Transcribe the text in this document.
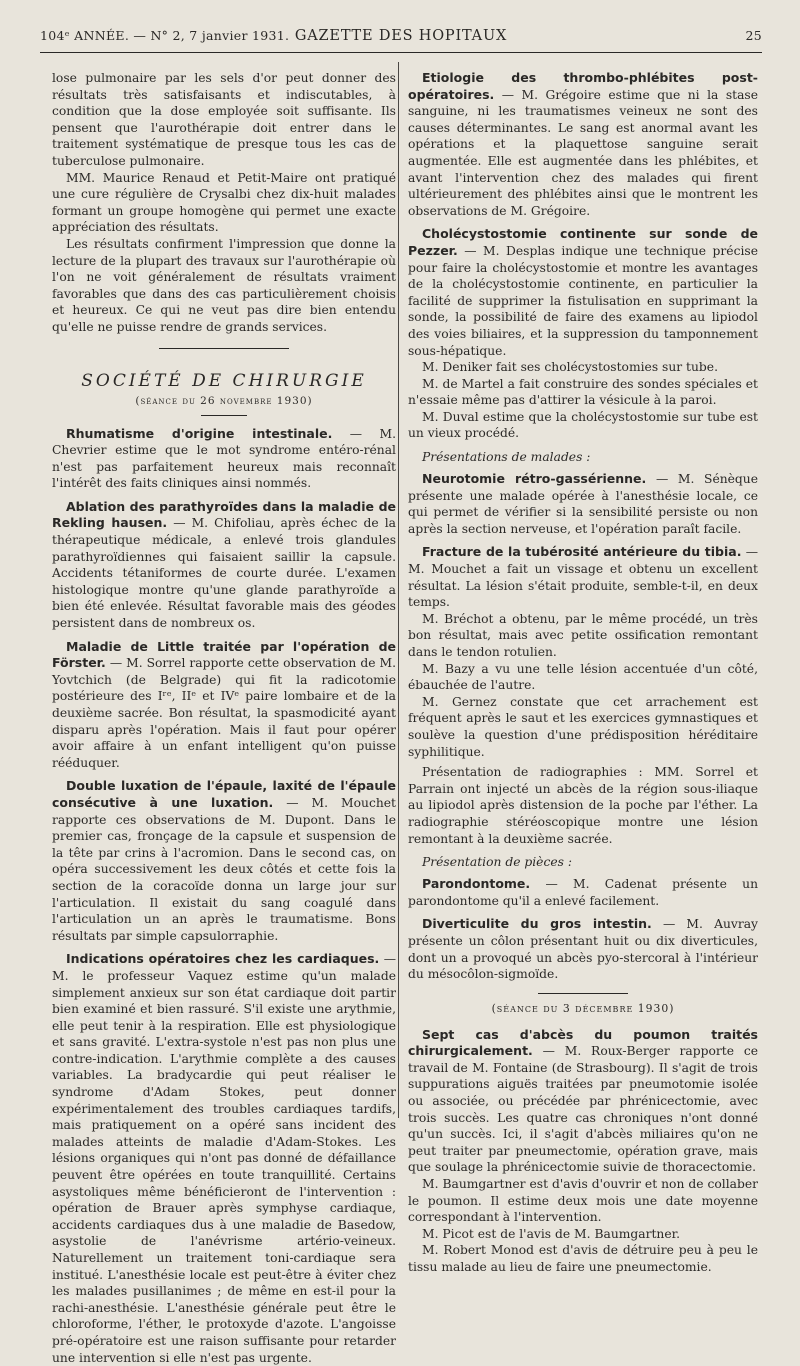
104ᵉ ANNÉE. — N° 2, 7 janvier 1931. GAZETTE DES HOPITAUX	25

lose pulmonaire par les sels d'or peut donner des résultats très satisfaisants et indiscutables, à condition que la dose employée soit suffisante. Ils pensent que l'aurothérapie doit entrer dans le traitement systématique de presque tous les cas de tuberculose pulmonaire.

MM. Maurice Renaud et Petit-Maire ont pratiqué une cure régulière de Crysalbi chez dix-huit malades formant un groupe homogène qui permet une exacte appréciation des résultats.

Les résultats confirment l'impression que donne la lecture de la plupart des travaux sur l'aurothérapie où l'on ne voit généralement de résultats vraiment favorables que dans des cas particulièrement choisis et heureux. Ce qui ne veut pas dire bien entendu qu'elle ne puisse rendre de grands services.

SOCIÉTÉ DE CHIRURGIE
(séance du 26 novembre 1930)

Rhumatisme d'origine intestinale. — M. Chevrier estime que le mot syndrome entéro-rénal n'est pas parfaitement heureux mais reconnaît l'intérêt des faits cliniques ainsi nommés.

Ablation des parathyroïdes dans la maladie de Rekling hausen. — M. Chifoliau, après échec de la thérapeutique médicale, a enlevé trois glandules parathyroïdiennes qui faisaient saillir la capsule. Accidents tétaniformes de courte durée. L'examen histologique montre qu'une glande parathyroïde a bien été enlevée. Résultat favorable mais des géodes persistent dans de nombreux os.

Maladie de Little traitée par l'opération de Förster. — M. Sorrel rapporte cette observation de M. Yovtchich (de Belgrade) qui fit la radicotomie postérieure des Iʳᵉ, IIᵉ et IVᵉ paire lombaire et de la deuxième sacrée. Bon résultat, la spasmodicité ayant disparu après l'opération. Mais il faut pour opérer avoir affaire à un enfant intelligent qu'on puisse rééduquer.

Double luxation de l'épaule, laxité de l'épaule consécutive à une luxation. — M. Mouchet rapporte ces observations de M. Dupont. Dans le premier cas, fronçage de la capsule et suspension de la tête par crins à l'acromion. Dans le second cas, on opéra successivement les deux côtés et cette fois la section de la coracoïde donna un large jour sur l'articulation. Il existait du sang coagulé dans l'articulation un an après le traumatisme. Bons résultats par simple capsulorraphie.

Indications opératoires chez les cardiaques. — M. le professeur Vaquez estime qu'un malade simplement anxieux sur son état cardiaque doit partir bien examiné et bien rassuré. S'il existe une arythmie, elle peut tenir à la respiration. Elle est physiologique et sans gravité. L'extra-systole n'est pas non plus une contre-indication. L'arythmie complète a des causes variables. La bradycardie qui peut réaliser le syndrome d'Adam Stokes, peut donner expérimentalement des troubles cardiaques tardifs, mais pratiquement on a opéré sans incident des malades atteints de maladie d'Adam-Stokes. Les lésions organiques qui n'ont pas donné de défaillance peuvent être opérées en toute tranquillité. Certains asystoliques même bénéficieront de l'intervention : opération de Brauer après symphyse cardiaque, accidents cardiaques dus à une maladie de Basedow, asystolie de l'anévrisme artério-veineux. Naturellement un traitement toni-cardiaque sera institué. L'anesthésie locale est peut-être à éviter chez les malades pusillanimes ; de même en est-il pour la rachi-anesthésie. L'anesthésie générale peut être le chloroforme, l'éther, le protoxyde d'azote. L'angoisse pré-opératoire est une raison suffisante pour retarder une intervention si elle n'est pas urgente.

Etiologie des thrombo-phlébites post-opératoires. — M. Grégoire estime que ni la stase sanguine, ni les traumatismes veineux ne sont des causes déterminantes. Le sang est anormal avant les opérations et la plaquettose sanguine serait augmentée. Elle est augmentée dans les phlébites, et avant l'intervention chez des malades qui firent ultérieurement des phlébites ainsi que le montrent les observations de M. Grégoire.

Cholécystostomie continente sur sonde de Pezzer. — M. Desplas indique une technique précise pour faire la cholécystostomie et montre les avantages de la cholécystostomie continente, en particulier la facilité de supprimer la fistulisation en supprimant la sonde, la possibilité de faire des examens au lipiodol des voies biliaires, et la suppression du tamponnement sous-hépatique.

M. Deniker fait ses cholécystostomies sur tube.

M. de Martel a fait construire des sondes spéciales et n'essaie même pas d'attirer la vésicule à la paroi.

M. Duval estime que la cholécystostomie sur tube est un vieux procédé.

Présentations de malades :

Neurotomie rétro-gassérienne. — M. Sénèque présente une malade opérée à l'anesthésie locale, ce qui permet de vérifier si la sensibilité persiste ou non après la section nerveuse, et l'opération paraît facile.

Fracture de la tubérosité antérieure du tibia. — M. Mouchet a fait un vissage et obtenu un excellent résultat. La lésion s'était produite, semble-t-il, en deux temps.

M. Bréchot a obtenu, par le même procédé, un très bon résultat, mais avec petite ossification remontant dans le tendon rotulien.

M. Bazy a vu une telle lésion accentuée d'un côté, ébauchée de l'autre.

M. Gernez constate que cet arrachement est fréquent après le saut et les exercices gymnastiques et soulève la question d'une prédisposition héréditaire syphilitique.

Présentation de radiographies : MM. Sorrel et Parrain ont injecté un abcès de la région sous-iliaque au lipiodol après distension de la poche par l'éther. La radiographie stéréoscopique montre une lésion remontant à la deuxième sacrée.

Présentation de pièces :

Parondontome. — M. Cadenat présente un parondontome qu'il a enlevé facilement.

Diverticulite du gros intestin. — M. Auvray présente un côlon présentant huit ou dix diverticules, dont un a provoqué un abcès pyo-stercoral à l'intérieur du mésocôlon-sigmoïde.

(séance du 3 décembre 1930)

Sept cas d'abcès du poumon traités chirurgicalement. — M. Roux-Berger rapporte ce travail de M. Fontaine (de Strasbourg). Il s'agit de trois suppurations aiguës traitées par pneumotomie isolée ou associée, ou précédée par phrénicectomie, avec trois succès. Les quatre cas chroniques n'ont donné qu'un succès. Ici, il s'agit d'abcès miliaires qu'on ne peut traiter par pneumectomie, opération grave, mais que soulage la phrénicectomie suivie de thoracectomie.

M. Baumgartner est d'avis d'ouvrir et non de collaber le poumon. Il estime deux mois une date moyenne correspondant à l'intervention.

M. Picot est de l'avis de M. Baumgartner.

M. Robert Monod est d'avis de détruire peu à peu le tissu malade au lieu de faire une pneumectomie.
